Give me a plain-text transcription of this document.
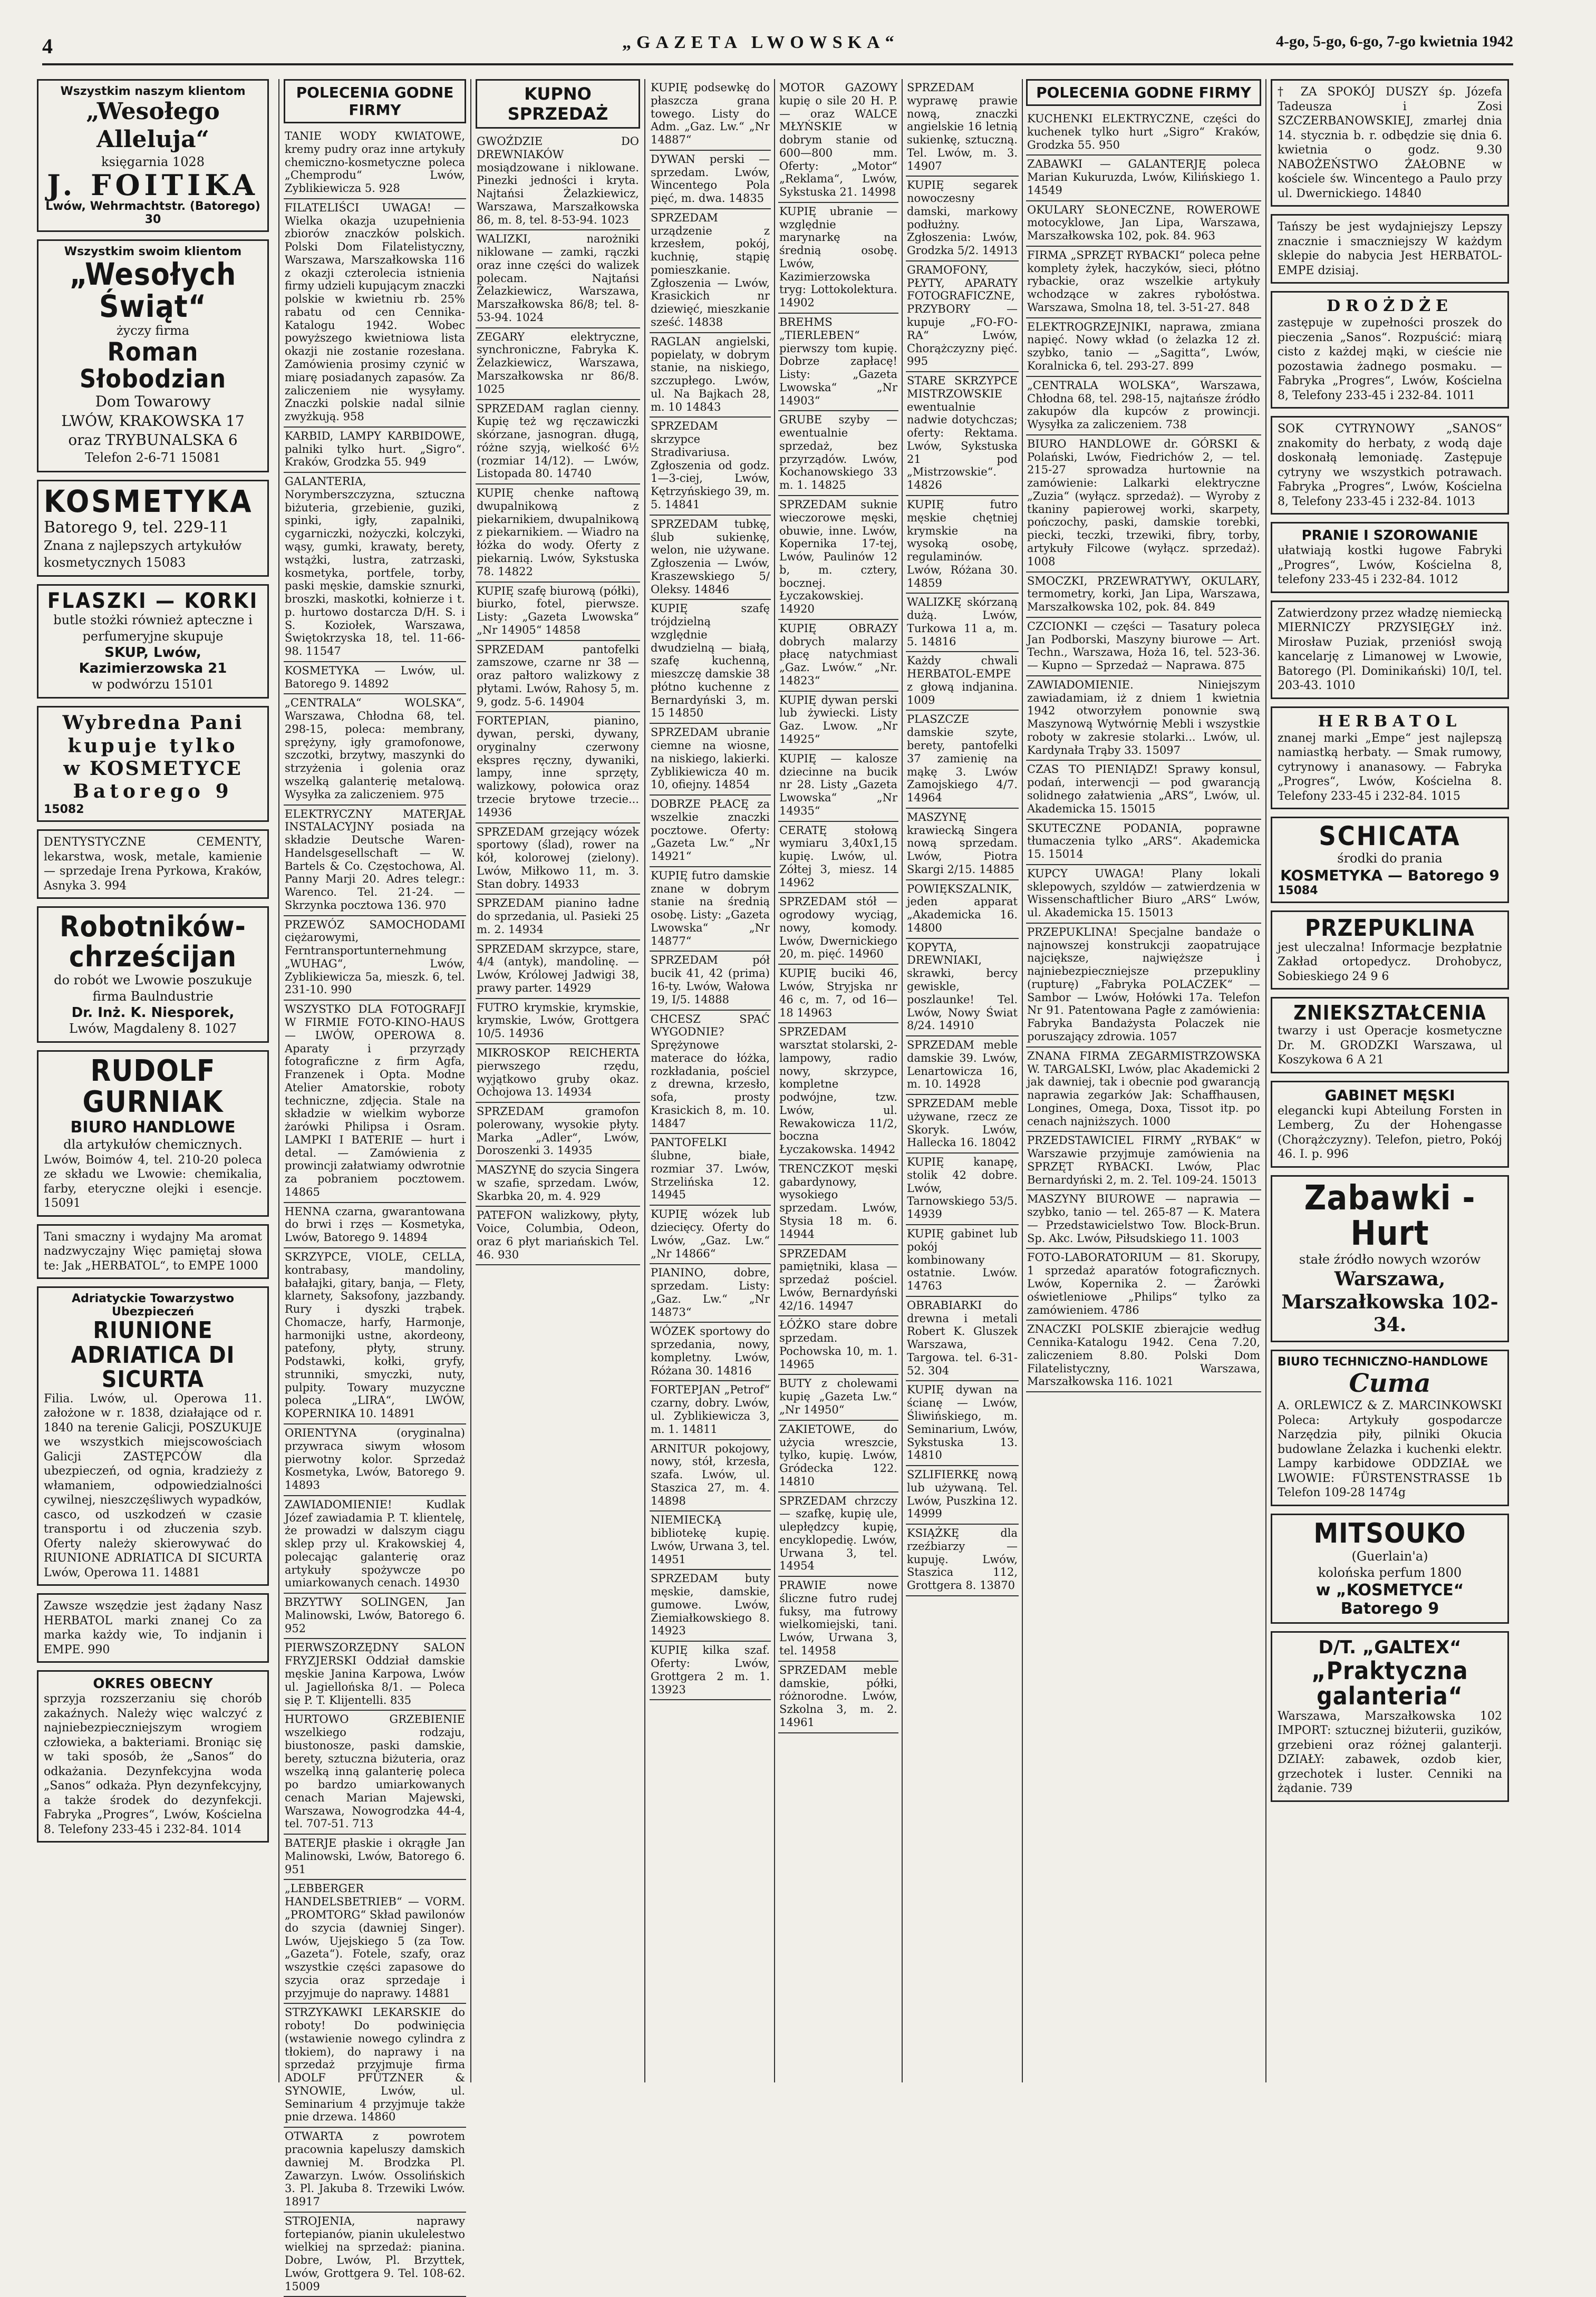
4	„GAZETA LWOWSKA“	4-go, 5-go, 6-go, 7-go kwietnia 1942
Wszystkim naszym klientom
„Wesołego Alleluja“
księgarnia 1028
J. FOITIKA
Lwów, Wehrmachtstr. (Batorego) 30
Wszystkim swoim klientom
„Wesołych Świąt“
życzy firma
Roman Słobodzian
Dom Towarowy
LWÓW, KRAKOWSKA 17
oraz TRYBUNALSKA 6
Telefon 2-6-71 15081
KOSMETYKA
Batorego 9, tel. 229-11
Znana z najlepszych artykułów kosmetycznych 15083
FLASZKI — KORKI
butle stożki również apteczne i perfumeryjne skupuje
SKUP, Lwów, Kazimierzowska 21
w podwórzu 15101
Wybredna Pani
kupuje tylko
w KOSMETYCE
Batorego 9
15082
DENTYSTYCZNE CEMENTY, lekarstwa, wosk, metale, kamienie — sprzedaje Irena Pyrkowa, Kraków, Asnyka 3. 994
Robotników-
chrześcijan
do robót we Lwowie poszukuje firma Baulndustrie
Dr. Inż. K. Niesporek,
Lwów, Magdaleny 8. 1027
RUDOLF GURNIAK
BIURO HANDLOWE
dla artykułów chemicznych.
Lwów, Boimów 4, tel. 210-20 poleca ze składu we Lwowie: chemikalia, farby, eteryczne olejki i esencje. 15091
Tani smaczny i wydajny Ma aromat nadzwyczajny Więc pamiętaj słowa te: Jak „HERBATOL“, to EMPE 1000
Adriatyckie Towarzystwo Ubezpieczeń
RIUNIONE ADRIATICA DI SICURTA
Filia. Lwów, ul. Operowa 11. założone w r. 1838, działające od r. 1840 na terenie Galicji, POSZUKUJE we wszystkich miejscowościach Galicji ZASTĘPCÓW dla ubezpieczeń, od ognia, kradzieży z włamaniem, odpowiedzialności cywilnej, nieszczęśliwych wypadków, casco, od uszkodzeń w czasie transportu i od złuczenia szyb. Oferty należy skierowywać do RIUNIONE ADRIATICA DI SICURTA Lwów, Operowa 11. 14881
Zawsze wszędzie jest żądany Nasz HERBATOL marki znanej Co za marka każdy wie, To indjanin i EMPE. 990
OKRES OBECNY
sprzyja rozszerzaniu się chorób zakaźnych. Należy więc walczyć z najniebezpieczniejszym wrogiem człowieka, a bakteriami. Broniąc się w taki sposób, że „Sanos“ do odkażania. Dezynfekcyjna woda „Sanos“ odkaża. Płyn dezynfekcyjny, a także środek do dezynfekcji. Fabryka „Progres“, Lwów, Kościelna 8. Telefony 233-45 i 232-84. 1014
POLECENIA GODNE FIRMY

TANIE WODY KWIATOWE, kremy pudry oraz inne artykuły chemiczno-kosmetyczne poleca „Chemprodu“ Lwów, Zyblikiewicza 5. 928

FILATELIŚCI UWAGA! — Wielka okazja uzupełnienia zbiorów znaczków polskich. Polski Dom Filatelistyczny, Warszawa, Marszałkowska 116 z okazji czterolecia istnienia firmy udzieli kupującym znaczki polskie w kwietniu rb. 25% rabatu od cen Cennika-Katalogu 1942. Wobec powyższego kwietniowa lista okazji nie zostanie rozesłana. Zamówienia prosimy czynić w miarę posiadanych zapasów. Za zaliczeniem nie wysyłamy. Znaczki polskie nadal silnie zwyżkują. 958

KARBID, LAMPY KARBIDOWE, palniki tylko hurt. „Sigro“. Kraków, Grodzka 55. 949

GALANTERIA, Norymberszczyzna, sztuczna biżuteria, grzebienie, guziki, spinki, igły, zapalniki, cygarniczki, nożyczki, kolczyki, wąsy, gumki, krawaty, berety, wstążki, lustra, zatrzaski, kosmetyka, portfele, torby, paski męskie, damskie sznurki, broszki, maskotki, kołnierze i t. p. hurtowo dostarcza D/H. S. i S. Koziołek, Warszawa, Świętokrzyska 18, tel. 11-66-98. 11547

KOSMETYKA — Lwów, ul. Batorego 9. 14892

„CENTRALA“ WOLSKA“, Warszawa, Chłodna 68, tel. 298-15, poleca: membrany, sprężyny, igły gramofonowe, szczotki, brzytwy, maszynki do strzyżenia i golenia oraz wszelką galanterię metalową. Wysyłka za zaliczeniem. 975

ELEKTRYCZNY MATERJAŁ INSTALACYJNY posiada na składzie Deutsche Waren-Handelsgesellschaft — W. Bartels & Co. Częstochowa, Al. Panny Marji 20. Adres telegr.: Warenco. Tel. 21-24. — Skrzynka pocztowa 136. 970

PRZEWÓZ SAMOCHODAMI ciężarowymi, Ferntransportunternehmung „WUHAG“, Lwów, Zyblikiewicza 5a, mieszk. 6, tel. 231-10. 990

WSZYSTKO DLA FOTOGRAFJI W FIRMIE FOTO-KINO-HAUS — LWÓW, OPEROWA 8. Aparaty i przyrządy fotograficzne z firm Agfa, Franzenek i Opta. Modne Atelier Amatorskie, roboty techniczne, zdjęcia. Stale na składzie w wielkim wyborze żarówki Philipsa i Osram. LAMPKI I BATERIE — hurt i detal. — Zamówienia z prowincji załatwiamy odwrotnie za pobraniem pocztowem. 14865

HENNA czarna, gwarantowana do brwi i rzęs — Kosmetyka, Lwów, Batorego 9. 14894

SKRZYPCE, VIOLE, CELLA, kontrabasy, mandoliny, bałałajki, gitary, banja, — Flety, klarnety, Saksofony, jazzbandy. Rury i dyszki trąbek. Chomacze, harfy, Harmonje, harmonijki ustne, akordeony, patefony, płyty, struny. Podstawki, kołki, gryfy, strunniki, smyczki, nuty, pulpity. Towary muzyczne poleca „LIRA“, LWÓW, KOPERNIKA 10. 14891

ORIENTYNA (oryginalna) przywraca siwym włosom pierwotny kolor. Sprzedaż Kosmetyka, Lwów, Batorego 9. 14893

ZAWIADOMIENIE! Kudlak Józef zawiadamia P. T. klientelę, że prowadzi w dalszym ciągu sklep przy ul. Krakowskiej 4, polecając galanterię oraz artykuły spożywcze po umiarkowanych cenach. 14930

BRZYTWY SOLINGEN, Jan Malinowski, Lwów, Batorego 6. 952

PIERWSZORZĘDNY SALON FRYZJERSKI Oddział damskie męskie Janina Karpowa, Lwów ul. Jagiellońska 8/1. — Poleca się P. T. Klijentelli. 835

HURTOWO GRZEBIENIE wszelkiego rodzaju, biustonosze, paski damskie, berety, sztuczna biżuteria, oraz wszelką inną galanterię poleca po bardzo umiarkowanych cenach Marian Majewski, Warszawa, Nowogrodzka 44-4, tel. 707-51. 713

BATERJE płaskie i okrągłe Jan Malinowski, Lwów, Batorego 6. 951

„LEBBERGER HANDELSBETRIEB“ — VORM. „PROMTORG“ Skład pawilonów do szycia (dawniej Singer). Lwów, Ujejskiego 5 (za Tow. „Gazeta“). Fotele, szafy, oraz wszystkie części zapasowe do szycia oraz sprzedaje i przyjmuje do naprawy. 14881

STRZYKAWKI LEKARSKIE do roboty! Do podwinięcia (wstawienie nowego cylindra z tłokiem), do naprawy i na sprzedaż przyjmuje firma ADOLF PFÜTZNER & SYNOWIE, Lwów, ul. Seminarium 4 przyjmuje także pnie drzewa. 14860

OTWARTA z powrotem pracownia kapeluszy damskich dawniej M. Brodzka Pl. Zawarzyn. Lwów. Ossolińskich 3. Pl. Jakuba 8. Trzewiki Lwów. 18917

STROJENIA, naprawy fortepianów, pianin ukulelestwo wielkiej na sprzedaż: pianina. Dobre, Lwów, Pl. Brzyttek, Lwów, Grottgera 9. Tel. 108-62. 15009

KUPNO SPRZEDAŻ

GWOŹDZIE DO DREWNIAKÓW mosiądzowane i niklowane. Pinezki jedności i kryta. Najtańsi Żelazkiewicz, Warszawa, Marszałkowska 86, m. 8, tel. 8-53-94. 1023

WALIZKI, narożniki niklowane — zamki, rączki oraz inne części do walizek polecam. Najtańsi Żelazkiewicz, Warszawa, Marszałkowska 86/8; tel. 8-53-94. 1024

ZEGARY elektryczne, synchroniczne, Fabryka K. Żelazkiewicz, Warszawa, Marszałkowska nr 86/8. 1025

SPRZEDAM raglan cienny. Kupię też wg ręczawiczki skórzane, jasnogran. długą, różne szyją, wielkość 6½ (rozmiar 14/12). — Lwów, Listopada 80. 14740

KUPIĘ chenke naftową dwupalnikową z piekarnikiem, dwupalnikową z piekarnikiem. — Wiadro na łóżka do wody. Oferty z piekarnią. Lwów, Sykstuska 78. 14822

KUPIĘ szafę biurową (półki), biurko, fotel, pierwsze. Listy: „Gazeta Lwowska“ „Nr 14905“ 14858

SPRZEDAM pantofelki zamszowe, czarne nr 38 — oraz pałtoro walizkowy z płytami. Lwów, Rahosy 5, m. 9, godz. 5-6. 14904

FORTEPIAN, pianino, dywan, perski, dywany, oryginalny czerwony ekspres ręczny, dywaniki, lampy, inne sprzęty, walizkowy, połowica oraz trzecie brytowe trzecie... 14936

SPRZEDAM grzejący wózek sportowy (ślad), rower na kół, kolorowej (zielony). Lwów, Miłkowo 11, m. 3. Stan dobry. 14933

SPRZEDAM pianino ładne do sprzedania, ul. Pasieki 25 m. 2. 14934

SPRZEDAM skrzypce, stare, 4/4 (antyk), mandolinę. — Lwów, Królowej Jadwigi 38, prawy parter. 14929

FUTRO krymskie, krymskie, krymskie, Lwów, Grottgera 10/5. 14936

MIKROSKOP REICHERTA pierwszego rzędu, wyjątkowo gruby okaz. Ochojowa 13. 14934

SPRZEDAM gramofon polerowany, wysokie płyty. Marka „Adler“, Lwów, Doroszenki 3. 14935

MASZYNĘ do szycia Singera w szafie, sprzedam. Lwów, Skarbka 20, m. 4. 929

PATEFON walizkowy, płyty, Voice, Columbia, Odeon, oraz 6 płyt mariańskich Tel. 46. 930

KUPIĘ podsewkę do płaszcza grana towego. Listy do Adm. „Gaz. Lw.“ „Nr 14887“

DYWAN perski — sprzedam. Lwów, Wincentego Pola pięć, m. dwa. 14835

SPRZEDAM urządzenie z krzesłem, pokój, kuchnię, stąpię pomieszkanie. Zgłoszenia — Lwów, Krasickich nr dziewięć, mieszkanie sześć. 14838

RAGLAN angielski, popielaty, w dobrym stanie, na niskiego, szczupłego. Lwów, ul. Na Bajkach 28, m. 10 14843

SPRZEDAM skrzypce Stradivariusa. Zgłoszenia od godz. 1—3-ciej, Lwów, Kętrzyńskiego 39, m. 5. 14841

SPRZEDAM tubkę, ślub sukienkę, welon, nie używane. Zgłoszenia — Lwów, Kraszewskiego 5/ Oleksy. 14846

KUPIĘ szafę trójdzielną względnie dwudzielną — białą, szafę kuchenną, mieszczę damskie 38 płótno kuchenne z Bernardyński 3, m. 15 14850

SPRZEDAM ubranie ciemne na wiosne, na niskiego, lakierki. Zyblikiewicza 40 m. 10, ofiejny. 14854

DOBRZE PŁACĘ za wszelkie znaczki pocztowe. Oferty: „Gazeta Lw.“ „Nr 14921“

KUPIĘ futro damskie znane w dobrym stanie na średnią osobę. Listy: „Gazeta Lwowska“ „Nr 14877“

SPRZEDAM pół bucik 41, 42 (prima) 16-ty. Lwów, Wałowa 19, I/5. 14888

CHCESZ SPAĆ WYGODNIE? Sprężynowe materace do łóżka, rozkładania, pościel z drewna, krzesło, sofa, prosty Krasickich 8, m. 10. 14847

PANTOFELKI ślubne, białe, rozmiar 37. Lwów, Strzelińska 12. 14945

KUPIĘ wózek lub dziecięcy. Oferty do Lwów, „Gaz. Lw.“ „Nr 14866“

PIANINO, dobre, sprzedam. Listy: „Gaz. Lw.“ „Nr 14873“

WÓZEK sportowy do sprzedania, nowy, kompletny. Lwów, Różana 30. 14816

FORTEPJAN „Petrof“ czarny, dobry. Lwów, ul. Zyblikiewicza 3, m. 1. 14811

ARNITUR pokojowy, nowy, stół, krzesła, szafa. Lwów, ul. Staszica 27, m. 4. 14898

NIEMIECKĄ bibliotekę kupię. Lwów, Urwana 3, tel. 14951

SPRZEDAM buty męskie, damskie, gumowe. Lwów, Ziemiałkowskiego 8. 14923

KUPIĘ kilka szaf. Oferty: Lwów, Grottgera 2 m. 1. 13923

MOTOR GAZOWY kupię o sile 20 H. P. — oraz WALCE MŁYŃSKIE w dobrym stanie od 600—800 mm. Oferty: „Motor“ „Reklama“, Lwów, Sykstuska 21. 14998

KUPIĘ ubranie — względnie marynarkę na średnią osobę. Lwów, Kazimierzowska tryg: Lottokolektura. 14902

BREHMS „TIERLEBEN“ pierwszy tom kupię. Dobrze zapłacę! Listy: „Gazeta Lwowska“ „Nr 14903“

GRUBE szyby — ewentualnie sprzedaż, bez przyrządów. Lwów, Kochanowskiego 33 m. 1. 14825

SPRZEDAM suknie wieczorowe męski, obuwie, inne. Lwów, Kopernika 17-tej, Lwów, Paulinów 12 b, m. cztery, bocznej. Łyczakowskiej. 14920

KUPIĘ OBRAZY dobrych malarzy płacę natychmiast „Gaz. Lwów.“ „Nr. 14823“

KUPIĘ dywan perski lub żywiecki. Listy Gaz. Lwow. „Nr 14925“

KUPIĘ — kalosze dziecinne na bucik nr 28. Listy „Gazeta Lwowska“ „Nr 14935“

CERATĘ stołową wymiaru 3,40x1,15 kupię. Lwów, ul. Zółtej 3, miesz. 14 14962

SPRZEDAM stół — ogrodowy wyciąg, nowy, komody. Lwów, Dwernickiego 20, m. pięć. 14960

KUPIĘ buciki 46, Lwów, Stryjska nr 46 c, m. 7, od 16—18 14963

SPRZEDAM warsztat stolarski, 2-lampowy, radio nowy, skrzypce, kompletne podwójne, tzw. Lwów, ul. Rewakowicza 11/2, boczna Łyczakowska. 14942

TRENCZKOT męski gabardynowy, wysokiego sprzedam. Lwów, Stysia 18 m. 6. 14944

SPRZEDAM pamiętniki, klasa — sprzedaż pościel. Lwów, Bernardyński 42/16. 14947

ŁÓŻKO stare dobre sprzedam. Pochowska 10, m. 1. 14965

BUTY z cholewami kupię „Gazeta Lw.“ „Nr 14950“

ZAKIETOWE, do użycia wreszcie, tylko, kupię. Lwów, Gródecka 122. 14810

SPRZEDAM chrzczy — szafkę, kupię ule, ulepłędzcy kupię, encyklopedię. Lwów, Urwana 3, tel. 14954

PRAWIE nowe śliczne futro rudej fuksy, ma futrowy wielkomiejski, tani. Lwów, Urwana 3, tel. 14958

SPRZEDAM meble damskie, półki, różnorodne. Lwów, Szkolna 3, m. 2. 14961

SPRZEDAM wyprawę prawie nową, znaczki angielskie 16 letnią sukienkę, sztuczną. Tel. Lwów, m. 3. 14907

KUPIĘ segarek nowoczesny damski, markowy podłużny. Zgłoszenia: Lwów, Grodzka 5/2. 14913

GRAMOFONY, PŁYTY, APARATY FOTOGRAFICZNE, PRZYBORY — kupuje „FO-FO-RA“ Lwów, Chorążczyzny pięć. 995

STARE SKRZYPCE MISTRZOWSKIE ewentualnie nadwie dotychczas; oferty: Rektama. Lwów, Sykstuska 21 pod „Mistrzowskie“. 14826

KUPIĘ futro męskie chętniej krymskie na wysoką osobę, regulaminów. Lwów, Różana 30. 14859

WALIZKĘ skórzaną dużą. Lwów, Turkowa 11 a, m. 5. 14816

Każdy chwali HERBATOL-EMPE z głową indjanina. 1009

PLASZCZE damskie szyte, berety, pantofelki 37 zamienię na mąkę 3. Lwów Zamojskiego 4/7. 14964

MASZYNĘ krawiecką Singera nową sprzedam. Lwów, Piotra Skargi 2/15. 14885

POWIĘKSZALNIK, jeden apparat „Akademicka 16. 14800

KOPYTA, DREWNIAKI, skrawki, bercy gewiskle, poszlaunke! Tel. Lwów, Nowy Świat 8/24. 14910

SPRZEDAM meble damskie 39. Lwów, Lenartowicza 16, m. 10. 14928

SPRZEDAM meble używane, rzecz ze Skoryk. Lwów, Hallecka 16. 18042

KUPIĘ kanapę, stolik 42 dobre. Lwów, Tarnowskiego 53/5. 14939

KUPIĘ gabinet lub pokój kombinowany ostatnie. Lwów. 14763

OBRABIARKI do drewna i metali Robert K. Gluszek Warszawa, Targowa. tel. 6-31-52. 304

KUPIĘ dywan na ścianę — Lwów, Śliwińskiego, m. Seminarium, Lwów, Sykstuska 13. 14810

SZLIFIERKĘ nową lub używaną. Tel. Lwów, Puszkina 12. 14999

KSIĄŻKĘ dla rzeźbiarzy — kupuję. Lwów, Staszica 112, Grottgera 8. 13870

POLECENIA GODNE FIRMY

KUCHENKI ELEKTRYCZNE, części do kuchenek tylko hurt „Sigro“ Kraków, Grodzka 55. 950

ZABAWKI — GALANTERJĘ poleca Marian Kukuruzda, Lwów, Kilińskiego 1. 14549

OKULARY SŁONECZNE, ROWEROWE motocyklowe, Jan Lipa, Warszawa, Marszałkowska 102, pok. 84. 963

FIRMA „SPRZĘT RYBACKI“ poleca pełne komplety żyłek, haczyków, sieci, płótno rybackie, oraz wszelkie artykuły wchodzące w zakres rybołóstwa. Warszawa, Smolna 18, tel. 3-51-27. 848

ELEKTROGRZEJNIKI, naprawa, zmiana napięć. Nowy wkład (o żelazka 12 zł. szybko, tanio — „Sagitta“, Lwów, Koralnicka 6, tel. 293-27. 899

„CENTRALA WOLSKA“, Warszawa, Chłodna 68, tel. 298-15, najtańsze źródło zakupów dla kupców z prowincji. Wysyłka za zaliczeniem. 738

BIURO HANDLOWE dr. GÓRSKI & Polański, Lwów, Fiedrichów 2, — tel. 215-27 sprowadza hurtownie na zamówienie: Lalkarki elektryczne „Zuzia“ (wyłącz. sprzedaż). — Wyroby z tkaniny papierowej worki, skarpety, pończochy, paski, damskie torebki, piecki, teczki, trzewiki, fibry, torby, artykuły Filcowe (wyłącz. sprzedaż). 1008

SMOCZKI, PRZEWRATYWY, OKULARY, termometry, korki, Jan Lipa, Warszawa, Marszałkowska 102, pok. 84. 849

CZCIONKI — części — Tasatury poleca Jan Podborski, Maszyny biurowe — Art. Techn., Warszawa, Hoża 16, tel. 523-36. — Kupno — Sprzedaż — Naprawa. 875

ZAWIADOMIENIE. Niniejszym zawiadamiam, iż z dniem 1 kwietnia 1942 otworzyłem ponownie swą Maszynową Wytwórnię Mebli i wszystkie roboty w zakresie stolarki... Lwów, ul. Kardynała Trąby 33. 15097

CZAS TO PIENIĄDZ! Sprawy konsul, podań, interwencji — pod gwarancją solidnego załatwienia „ARS“, Lwów, ul. Akademicka 15. 15015

SKUTECZNE PODANIA, poprawne tłumaczenia tylko „ARS“. Akademicka 15. 15014

KUPCY UWAGA! Plany lokali sklepowych, szyldów — zatwierdzenia w Wissenschaftlicher Biuro „ARS“ Lwów, ul. Akademicka 15. 15013

PRZEPUKLINA! Specjalne bandaże o najnowszej konstrukcji zaopatrujące najciększe, najwięższe i najniebezpieczniejsze przepukliny (rupturę) „Fabryka POLACZEK“ — Sambor — Lwów, Hołówki 17a. Telefon Nr 91. Patentowana Pagłe z zamówienia: Fabryka Bandażysta Polaczek nie poruszający zdrowia. 1057

ZNANA FIRMA ZEGARMISTRZOWSKA W. TARGALSKI, Lwów, plac Akademicki 2 jak dawniej, tak i obecnie pod gwarancją naprawia zegarków Jak: Schaffhausen, Longines, Omega, Doxa, Tissot itp. po cenach najniższych. 1000

PRZEDSTAWICIEL FIRMY „RYBAK“ w Warszawie przyjmuje zamówienia na SPRZĘT RYBACKI. Lwów, Plac Bernardyński 2, m. 2. Tel. 109-24. 15013

MASZYNY BIUROWE — naprawia — szybko, tanio — tel. 265-87 — K. Matera — Przedstawicielstwo Tow. Block-Brun. Sp. Akc. Lwów, Piłsudskiego 11. 1003

FOTO-LABORATORIUM — 81. Skorupy, 1 sprzedaż aparatów fotograficznych. Lwów, Kopernika 2. — Żarówki oświetleniowe „Philips“ tylko za zamówieniem. 4786

ZNACZKI POLSKIE zbierajcie według Cennika-Katalogu 1942. Cena 7.20, zaliczeniem 8.80. Polski Dom Filatelistyczny, Warszawa, Marszałkowska 116. 1021

† ZA SPOKÓJ DUSZY śp. Józefa Tadeusza i Zosi SZCZERBANOWSKIEJ, zmarłej dnia 14. stycznia b. r. odbędzie się dnia 6. kwietnia o godz. 9.30 NABOŻEŃSTWO ŻAŁOBNE w kościele św. Wincentego a Paulo przy ul. Dwernickiego. 14840
Tańszy be jest wydajniejszy Lepszy znacznie i smaczniejszy W każdym sklepie do nabycia Jest HERBATOL-EMPE dzisiaj.
DROŻDŻE
zastępuje w zupełności proszek do pieczenia „Sanos“. Rozpuścić: miarą cisto z każdej mąki, w cieście nie pozostawia żadnego posmaku. — Fabryka „Progres“, Lwów, Kościelna 8, Telefony 233-45 i 232-84. 1011
SOK CYTRYNOWY „SANOS“ znakomity do herbaty, z wodą daje doskonałą lemoniadę. Zastępuje cytryny we wszystkich potrawach. Fabryka „Progres“, Lwów, Kościelna 8, Telefony 233-45 i 232-84. 1013
PRANIE I SZOROWANIE
ułatwiają kostki ługowe Fabryki „Progres“, Lwów, Kościelna 8, telefony 233-45 i 232-84. 1012
Zatwierdzony przez władzę niemiecką MIERNICZY PRZYSIĘGŁY inż. Mirosław Puziak, przeniósł swoją kancelarję z Limanowej w Lwowie, Batorego (Pl. Dominikański) 10/I, tel. 203-43. 1010
HERBATOL
znanej marki „Empe“ jest najlepszą namiastką herbaty. — Smak rumowy, cytrynowy i ananasowy. — Fabryka „Progres“, Lwów, Kościelna 8. Telefony 233-45 i 232-84. 1015
SCHICATA
środki do prania
KOSMETYKA — Batorego 9
15084
PRZEPUKLINA
jest uleczalna! Informacje bezpłatnie Zakład ortopedycz. Drohobycz, Sobieskiego 24 9 6
ZNIEKSZTAŁCENIA
twarzy i ust Operacje kosmetyczne Dr. M. GRODZKI Warszawa, ul Koszykowa 6 A 21
GABINET MĘSKI
elegancki kupi Abteilung Forsten in Lemberg, Zu der Hohengasse (Chorążczyzny). Telefon, pietro, Pokój 46. I. p. 996
Zabawki - Hurt
stałe źródło nowych wzorów
Warszawa,
Marszałkowska 102-34.
BIURO TECHNICZNO-HANDLOWE
Cuma
A. ORLEWICZ & Z. MARCINKOWSKI Poleca: Artykuły gospodarcze Narzędzia piły, pilniki Okucia budowlane Żelazka i kuchenki elektr. Lampy karbidowe ODDZIAŁ we LWOWIE: FÜRSTENSTRASSE 1b Telefon 109-28 1474g
MITSOUKO
(Guerlain'a)
kolońska perfum 1800
w „KOSMETYCE“ Batorego 9
D/T. „GALTEX“
„Praktyczna galanteria“
Warszawa, Marszałkowska 102 IMPORT: sztucznej biżuterii, guzików, grzebieni oraz różnej galanterji. DZIAŁY: zabawek, ozdob kier, grzechotek i luster. Cenniki na żądanie. 739
